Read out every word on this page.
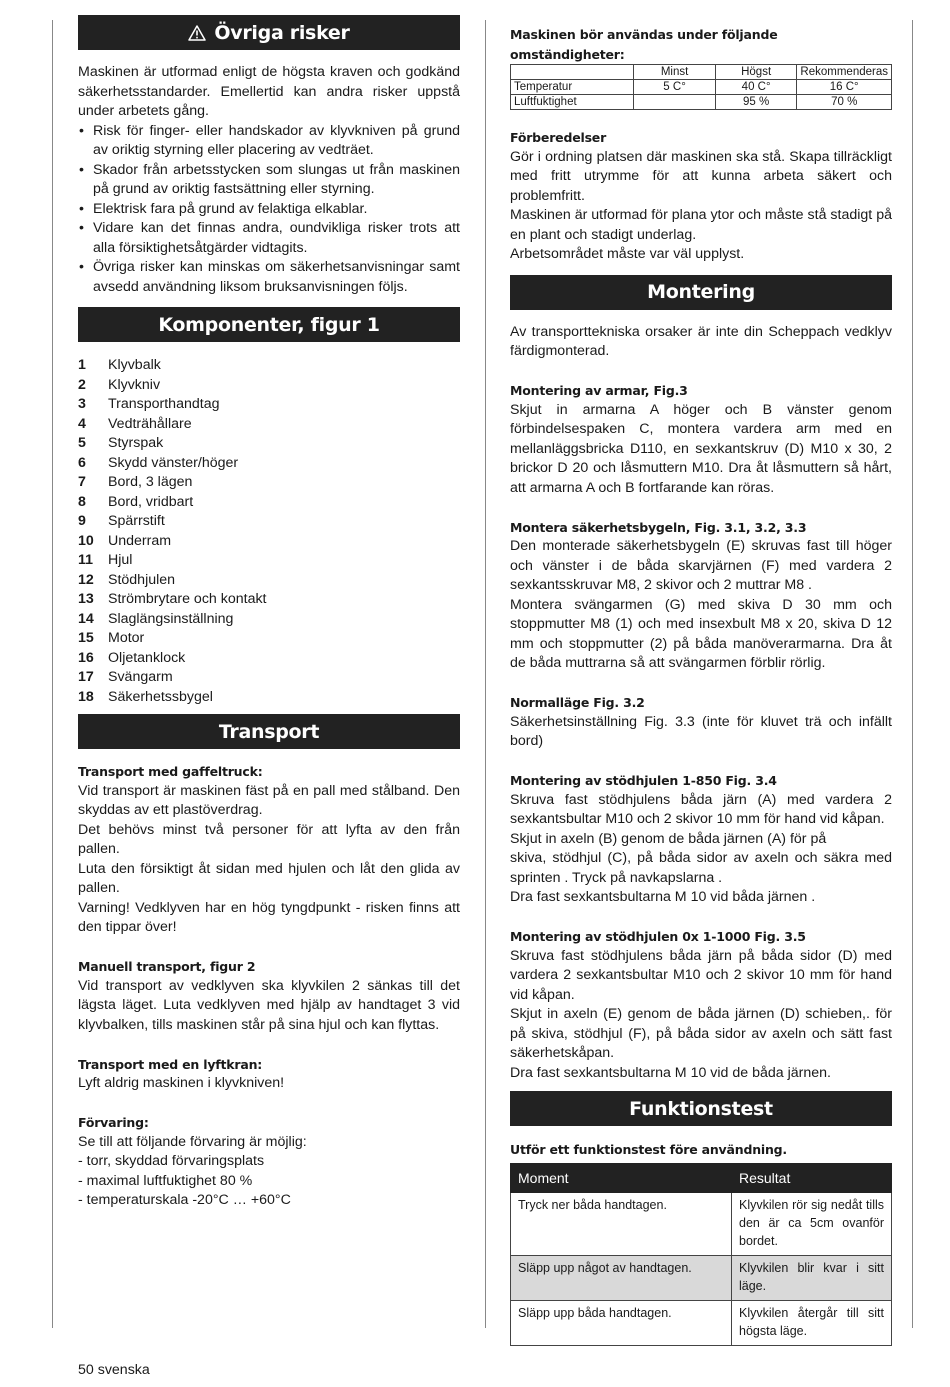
Övriga risker

Maskinen är utformad enligt de högsta kraven och godkänd säkerhetsstandarder. Emellertid kan andra risker uppstå under arbetets gång.

• Risk för finger- eller handskador av klyvkniven på grund av oriktig styrning eller placering av vedträet.
• Skador från arbetsstycken som slungas ut från maskinen på grund av oriktig fastsättning eller styrning.
• Elektrisk fara på grund av felaktiga elkablar.
• Vidare kan det finnas andra, oundvikliga risker trots att alla försiktighetsåtgärder vidtagits.
• Övriga risker kan minskas om säkerhetsanvisningar samt avsedd användning liksom bruksanvisningen följs.
Komponenter, figur 1
1	Klyvbalk
2	Klyvkniv
3	Transporthandtag
4	Vedträhållare
5	Styrspak
6	Skydd vänster/höger
7	Bord, 3 lägen
8	Bord, vridbart
9	Spärrstift
10	Underram
11	Hjul
12	Stödhjulen
13	Strömbrytare och kontakt
14	Slaglängsinställning
15	Motor
16	Oljetanklock
17	Svängarm
18	Säkerhetssbygel
Transport

Transport med gaffeltruck:

Vid transport är maskinen fäst på en pall med stålband. Den skyddas av ett plastöverdrag.

Det behövs minst två personer för att lyfta av den från pallen.

Luta den försiktigt åt sidan med hjulen och låt den glida av pallen.

Varning! Vedklyven har en hög tyngdpunkt - risken finns att den tippar över!

Manuell transport, figur 2

Vid transport av vedklyven ska klyvkilen 2 sänkas till det lägsta läget. Luta vedklyven med hjälp av handtaget 3 vid klyvbalken, tills maskinen står på sina hjul och kan flyttas.

Transport med en lyftkran:

Lyft aldrig maskinen i klyvkniven!

Förvaring:

Se till att följande förvaring är möjlig:

- torr, skyddad förvaringsplats

- maximal luftfuktighet 80 %

- temperaturskala -20°C … +60°C

Maskinen bör användas under följande omständigheter:

	Minst	Högst	Rekommenderas
Temperatur	5 C°	40 C°	16 C°
Luftfuktighet		95 %	70 %

Förberedelser

Gör i ordning platsen där maskinen ska stå. Skapa tillräckligt med fritt utrymme för att kunna arbeta säkert och problemfritt.

Maskinen är utformad för plana ytor och måste stå stadigt på en plant och stadigt underlag.

Arbetsområdet måste var väl upplyst.

Montering

Av transporttekniska orsaker är inte din Scheppach vedklyv färdigmonterad.

Montering av armar, Fig.3

Skjut in armarna A höger och B vänster genom förbindelsespaken C, montera vardera arm med en mellanläggsbricka D110, en sexkantskruv (D) M10 x 30, 2 brickor D 20 och låsmuttern M10. Dra åt låsmuttern så hårt, att armarna A och B fortfarande kan röras.

Montera säkerhetsbygeln, Fig. 3.1, 3.2, 3.3

Den monterade säkerhetsbygeln (E) skruvas fast till höger och vänster i de båda skarvjärnen (F) med vardera 2 sexkantsskruvar M8, 2 skivor och 2 muttrar M8 .

Montera svängarmen (G) med skiva D 30 mm och stoppmutter M8 (1) och med insexbult M8 x 20, skiva D 12 mm och stoppmutter (2) på båda manöverarmarna. Dra åt de båda muttrarna så att svängarmen förblir rörlig.

Normalläge Fig. 3.2

Säkerhetsinställning Fig. 3.3 (inte för kluvet trä och infällt bord)

Montering av stödhjulen 1-850 Fig. 3.4

Skruva fast stödhjulens båda järn (A) med vardera 2 sexkantsbultar M10 och 2 skivor 10 mm för hand vid kåpan.

Skjut in axeln (B) genom de båda järnen (A) för på

skiva, stödhjul (C), på båda sidor av axeln och säkra med sprinten . Tryck på navkapslarna .

Dra fast sexkantsbultarna M 10 vid båda järnen .

Montering av stödhjulen 0x 1-1000 Fig. 3.5

Skruva fast stödhjulens båda järn på båda sidor (D) med vardera 2 sexkantsbultar M10 och 2 skivor 10 mm för hand vid kåpan.

Skjut in axeln (E) genom de båda järnen (D) schieben,. för på skiva, stödhjul (F), på båda sidor av axeln och sätt fast säkerhetskåpan.

Dra fast sexkantsbultarna M 10 vid de båda järnen.

Funktionstest

Utför ett funktionstest före användning.

Moment	Resultat
Tryck ner båda handtagen.	Klyvkilen rör sig nedåt tills den är ca 5cm ovanför bordet.
Släpp upp något av handtagen.	Klyvkilen blir kvar i sitt läge.
Släpp upp båda handtagen.	Klyvkilen återgår till sitt högsta läge.
50 svenska
